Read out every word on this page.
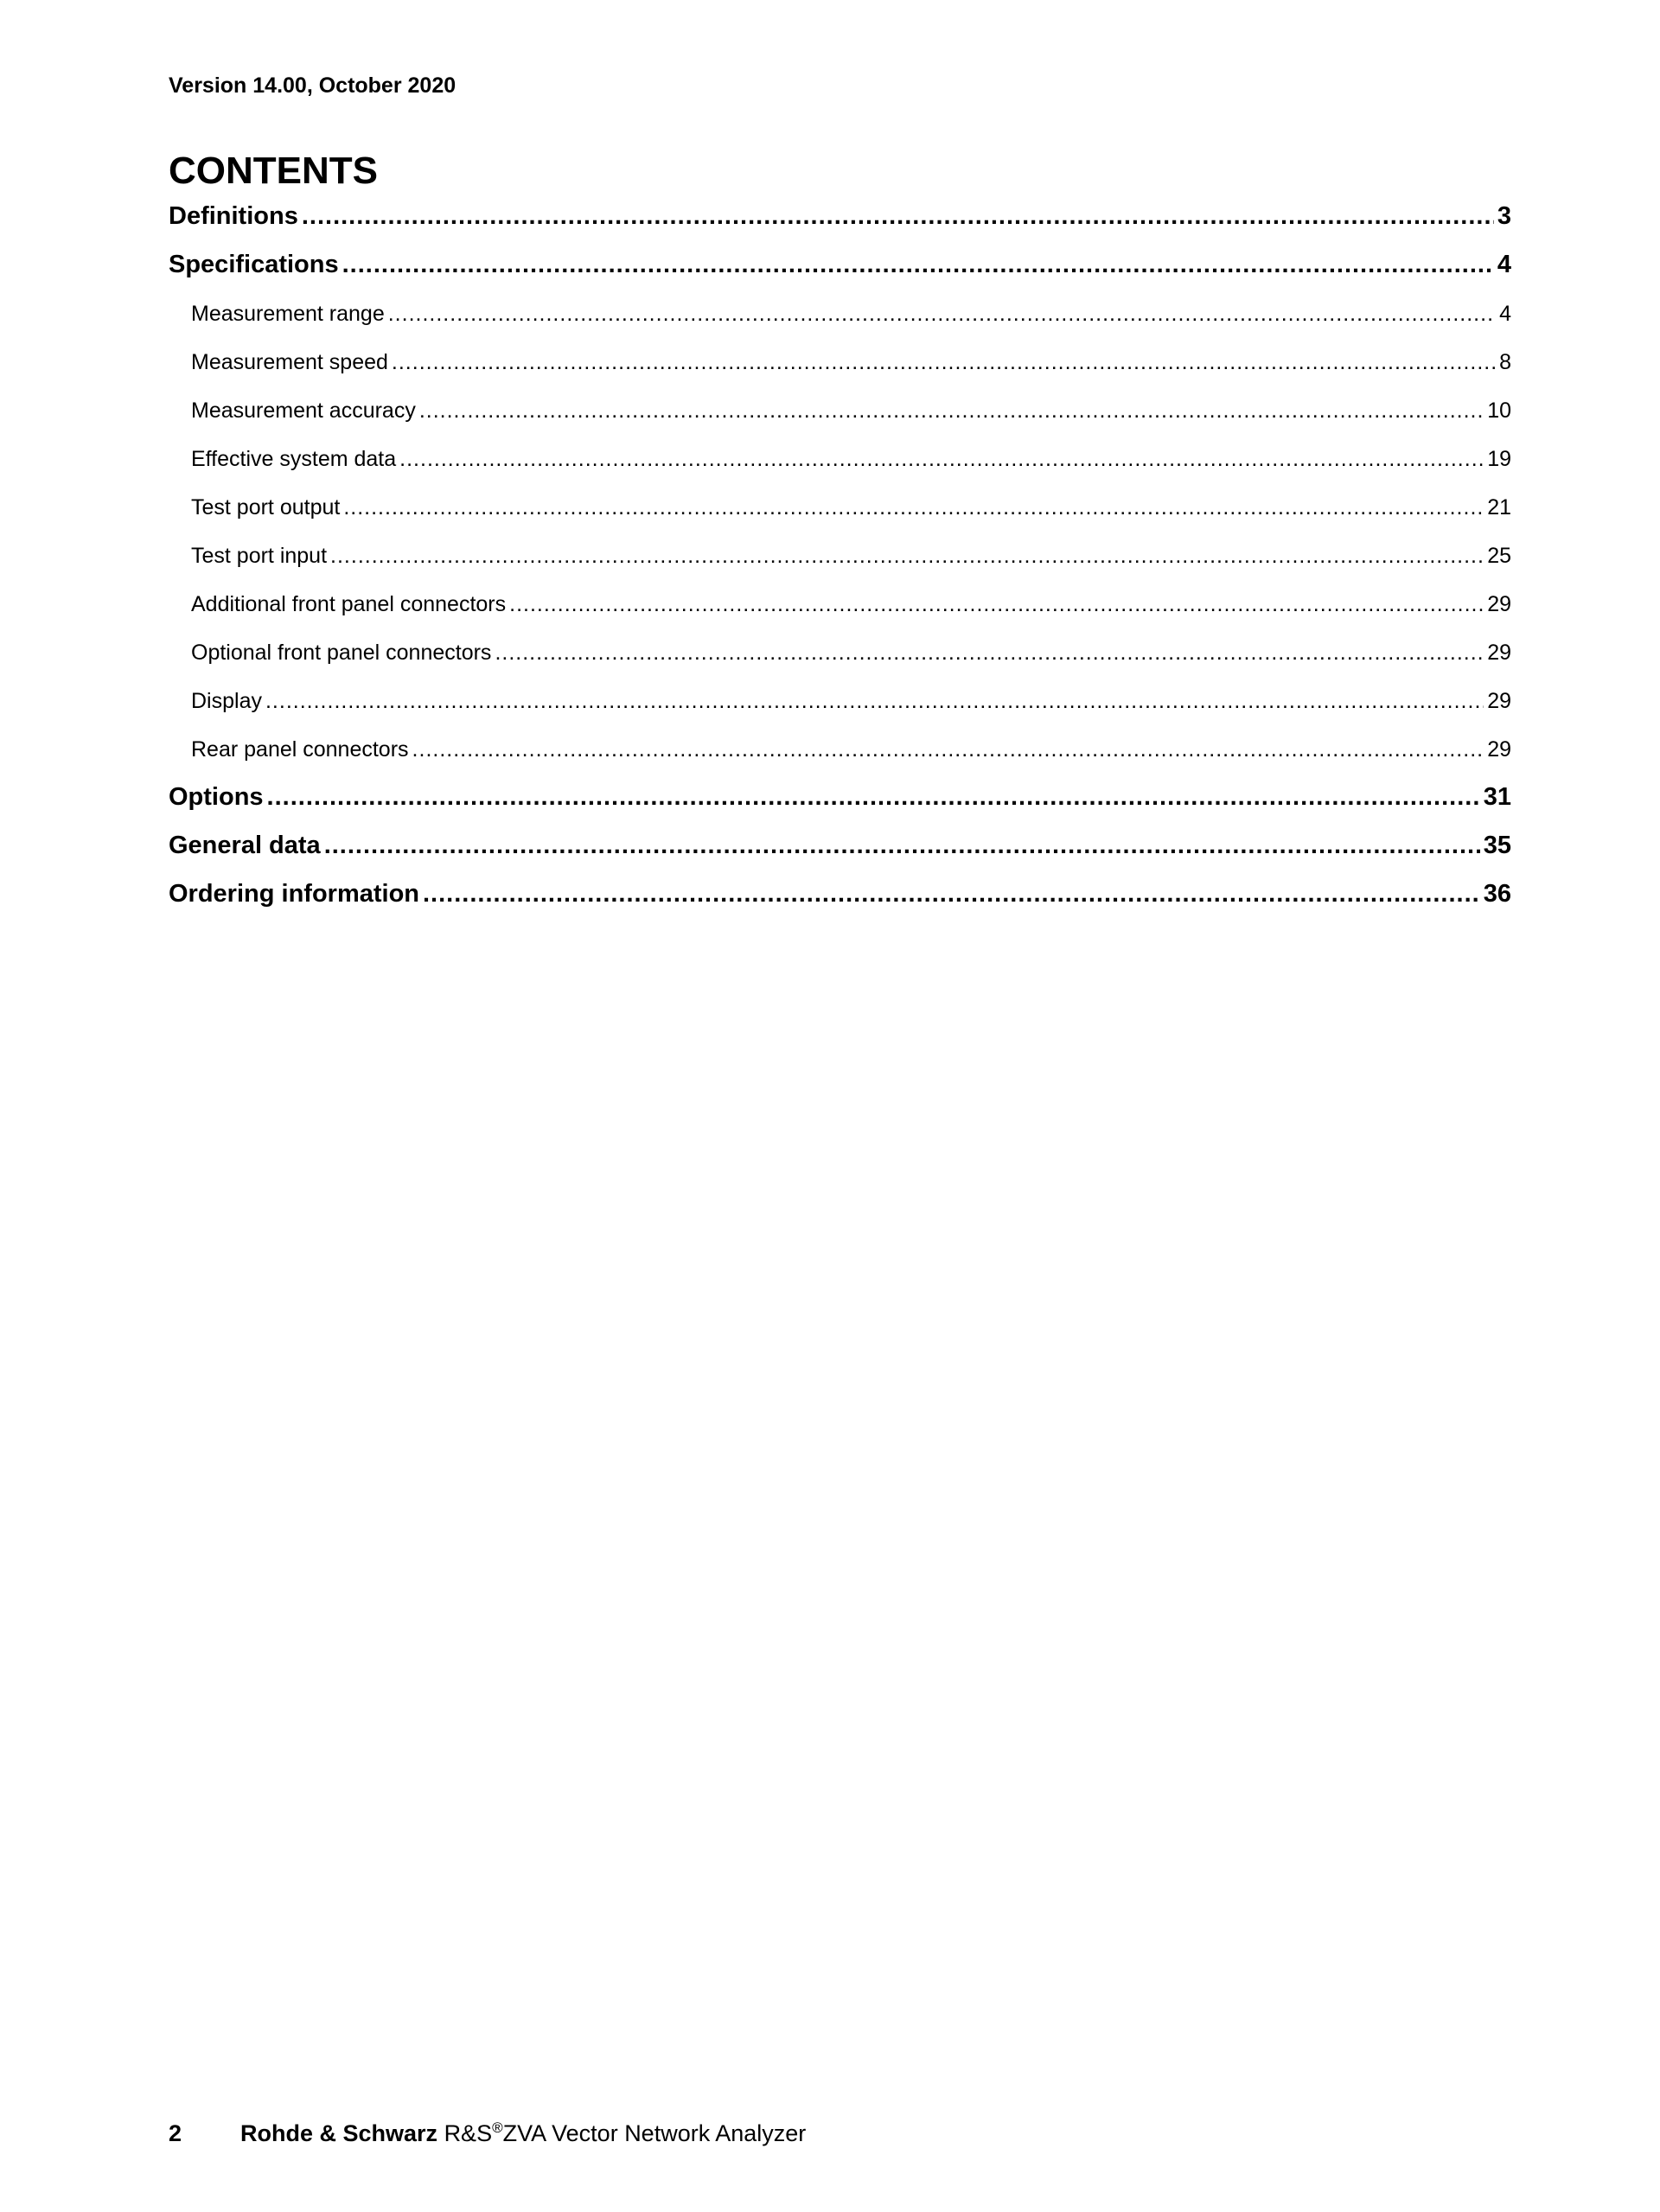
Version 14.00, October 2020
CONTENTS
Definitions .....	3
Specifications .....	4
Measurement range .....	4
Measurement speed .....	8
Measurement accuracy .....	10
Effective system data .....	19
Test port output .....	21
Test port input .....	25
Additional front panel connectors .....	29
Optional front panel connectors .....	29
Display .....	29
Rear panel connectors .....	29
Options .....	31
General data .....	35
Ordering information .....	36
2	Rohde & Schwarz R&S®ZVA Vector Network Analyzer
